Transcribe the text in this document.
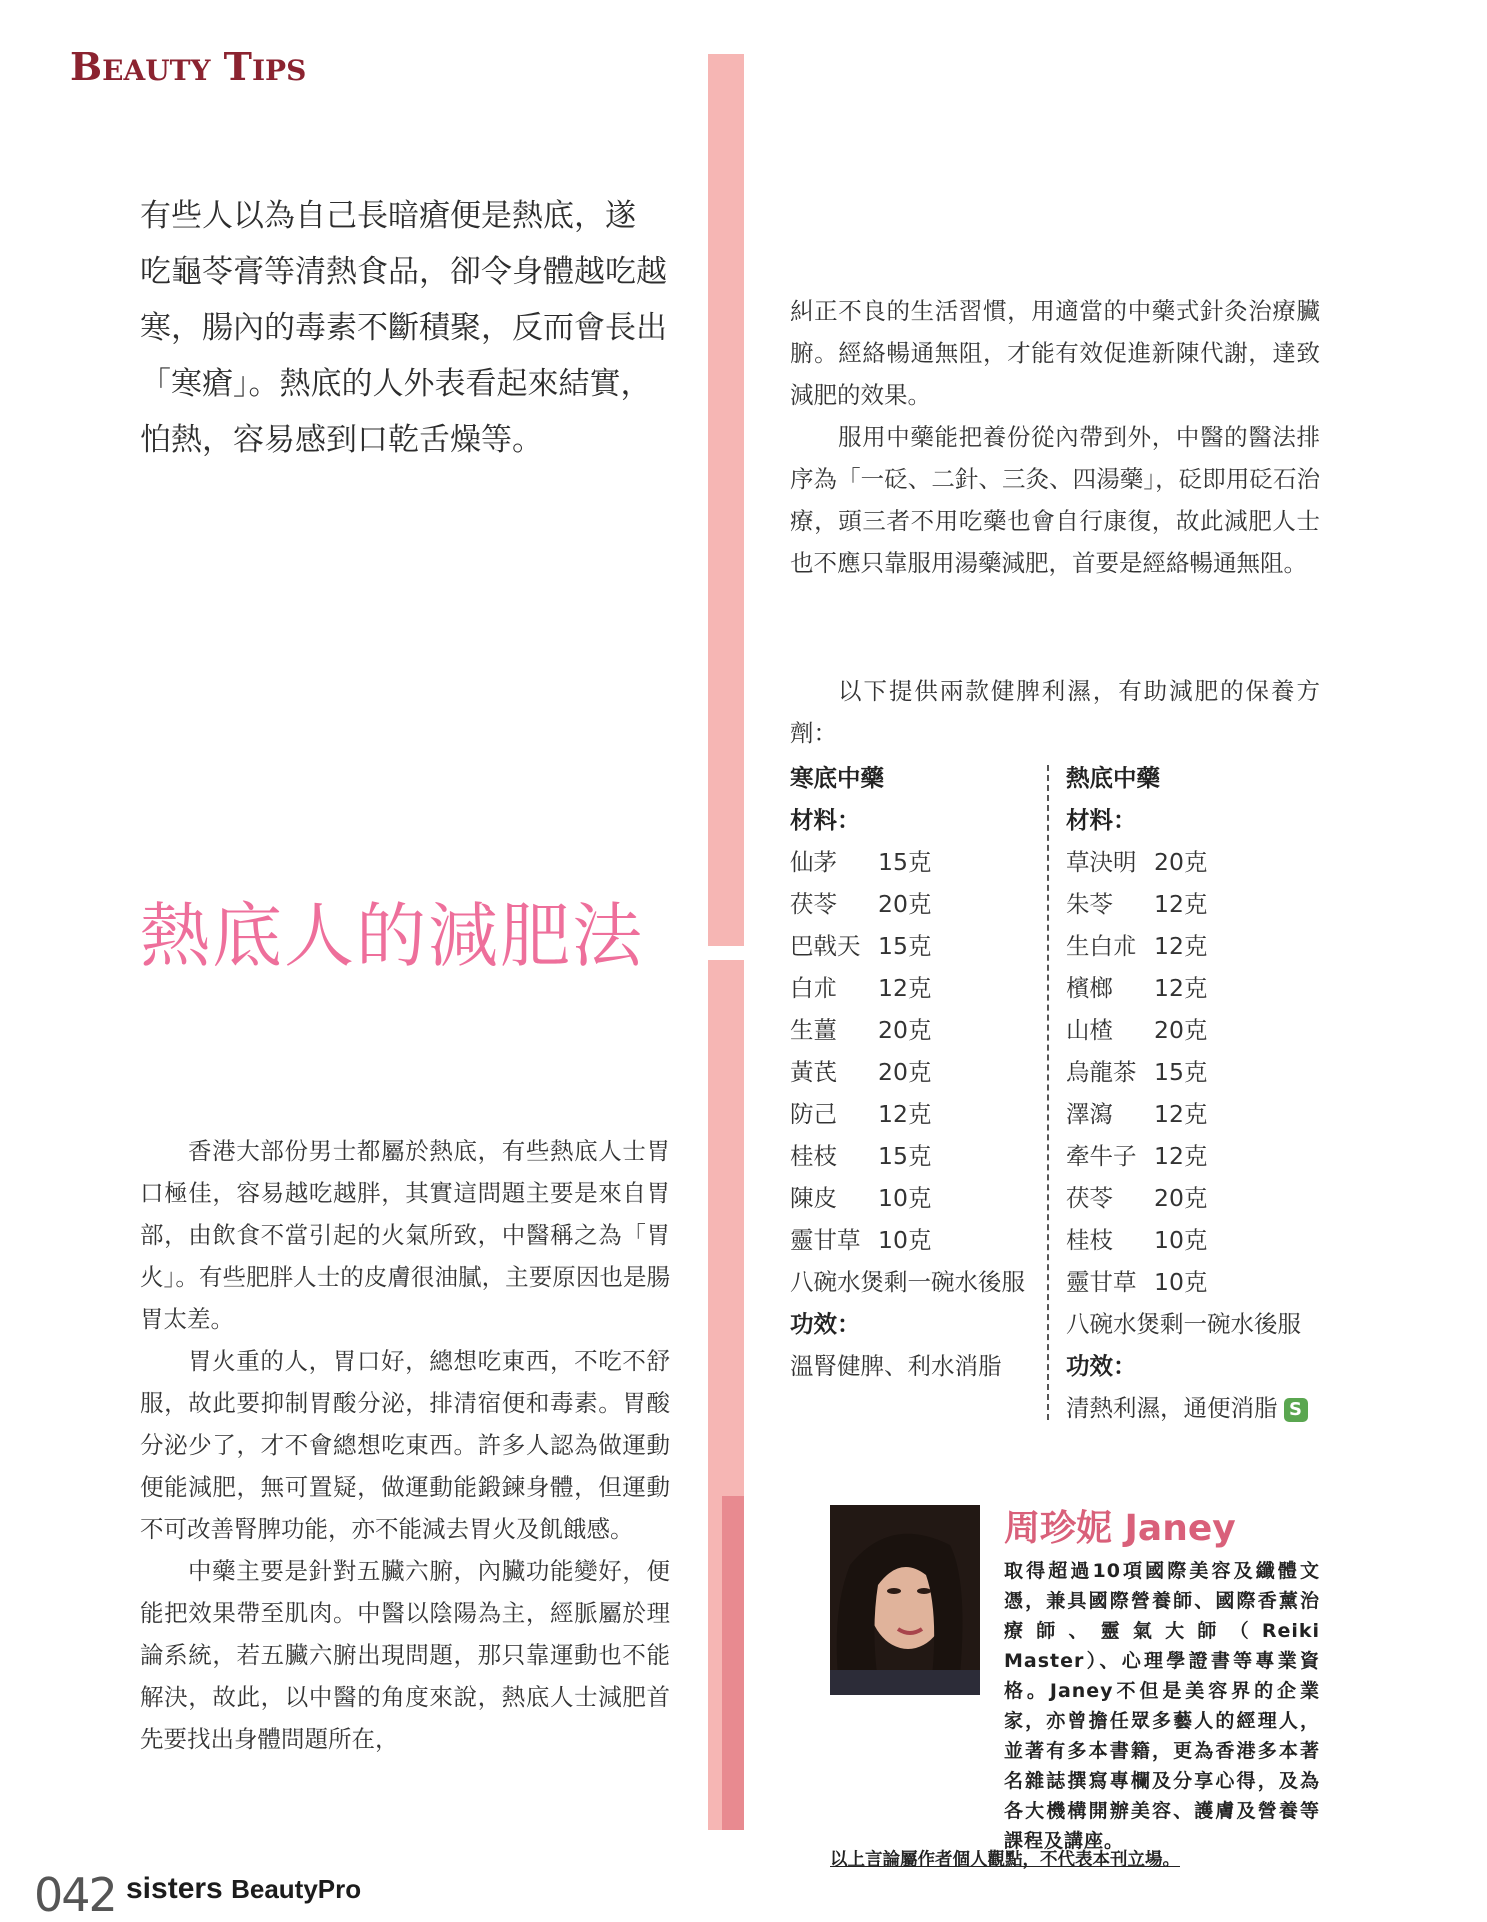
BEAUTY TIPS
有些人以為自己長暗瘡便是熱底，遂
吃龜苓膏等清熱食品，卻令身體越吃越
寒，腸內的毒素不斷積聚，反而會長出
「寒瘡」。熱底的人外表看起來結實，
怕熱，容易感到口乾舌燥等。
熱底人的減肥法

香港大部份男士都屬於熱底，有些熱底人士胃口極佳，容易越吃越胖，其實這問題主要是來自胃部，由飲食不當引起的火氣所致，中醫稱之為「胃火」。有些肥胖人士的皮膚很油膩，主要原因也是腸胃太差。

胃火重的人，胃口好，總想吃東西，不吃不舒服，故此要抑制胃酸分泌，排清宿便和毒素。胃酸分泌少了，才不會總想吃東西。許多人認為做運動便能減肥，無可置疑，做運動能鍛鍊身體，但運動不可改善腎脾功能，亦不能減去胃火及飢餓感。

中藥主要是針對五臟六腑，內臟功能變好，便能把效果帶至肌肉。中醫以陰陽為主，經脈屬於理論系統，若五臟六腑出現問題，那只靠運動也不能解決，故此，以中醫的角度來說，熱底人士減肥首先要找出身體問題所在，

糾正不良的生活習慣，用適當的中藥式針灸治療臟腑。經絡暢通無阻，才能有效促進新陳代謝，達致減肥的效果。

服用中藥能把養份從內帶到外，中醫的醫法排序為「一砭、二針、三灸、四湯藥」，砭即用砭石治療，頭三者不用吃藥也會自行康復，故此減肥人士也不應只靠服用湯藥減肥，首要是經絡暢通無阻。

以下提供兩款健脾利濕，有助減肥的保養方劑：

寒底中藥
材料：
仙茅 15克
茯苓 20克
巴戟天 15克
白朮 12克
生薑 20克
黃芪 20克
防己 12克
桂枝 15克
陳皮 10克
靈甘草 10克
八碗水煲剩一碗水後服
功效：
溫腎健脾、利水消脂
熱底中藥
材料：
草決明 20克
朱苓 12克
生白朮 12克
檳榔 12克
山楂 20克
烏龍茶 15克
澤瀉 12克
牽牛子 12克
茯苓 20克
桂枝 10克
靈甘草 10克
八碗水煲剩一碗水後服
功效：
清熱利濕，通便消脂 S
周珍妮 Janey
取得超過10項國際美容及纖體文憑，兼具國際營養師、國際香薰治療師、靈氣大師（Reiki Master）、心理學證書等專業資格。Janey不但是美容界的企業家，亦曾擔任眾多藝人的經理人，並著有多本書籍，更為香港多本著名雜誌撰寫專欄及分享心得，及為各大機構開辦美容、護膚及營養等課程及講座。
以上言論屬作者個人觀點，不代表本刊立場。
042 sisters BeautyPro
